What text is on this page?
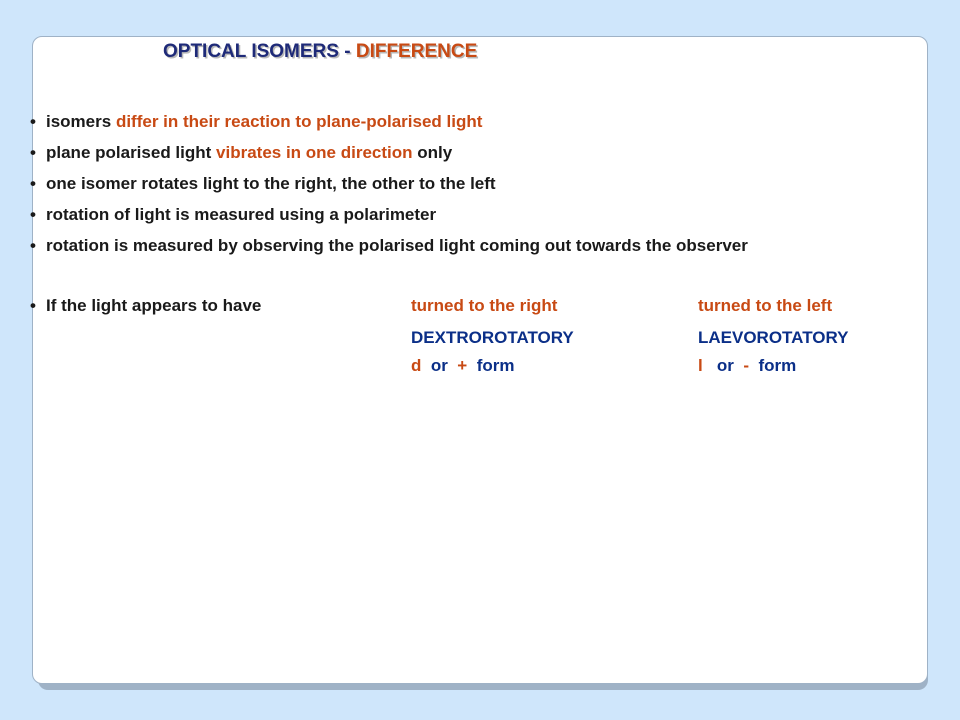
OPTICAL ISOMERS - DIFFERENCE
• isomers differ in their reaction to plane-polarised light
• plane polarised light vibrates in one direction only
• one isomer rotates light to the right, the other to the left
• rotation of light is measured using a polarimeter
• rotation is measured by observing the polarised light coming out towards the observer
• If the light appears to have	turned to the right
DEXTROROTATORY
d or + form
turned to the left
LAEVOROTATORY
l or - form
